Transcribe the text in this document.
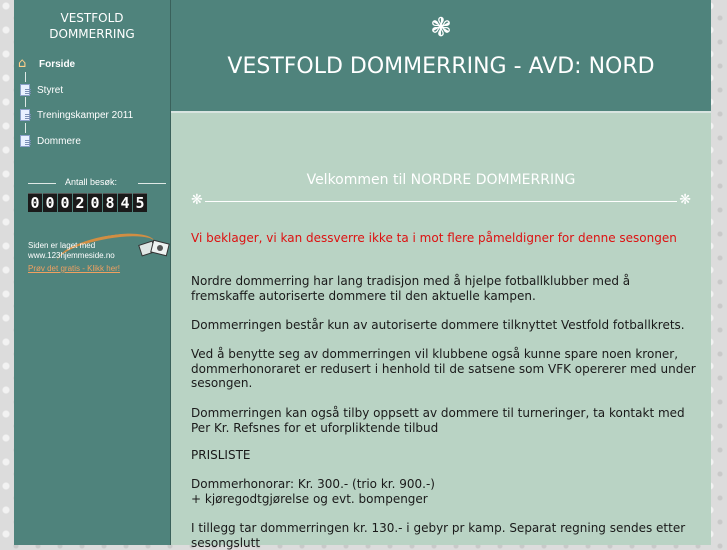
VESTFOLD
DOMMERRING
⌂	Forside
Styret
Treningskamper 2011
Dommere
Antall besøk:
0 0 0 2 0 8 4 5
Siden er laget med
www.123hjemmeside.no
Prøv det gratis - Klikk her!
❃
VESTFOLD DOMMERRING - AVD: NORD
Velkommen til NORDRE DOMMERRING
❋	❋
Vi beklager, vi kan dessverre ikke ta i mot flere påmeldigner for denne sesongen
Nordre dommerring har lang tradisjon med å hjelpe fotballklubber med å fremskaffe autoriserte dommere til den aktuelle kampen.
Dommerringen består kun av autoriserte dommere tilknyttet Vestfold fotballkrets.
Ved å benytte seg av dommerringen vil klubbene også kunne spare noen kroner, dommerhonoraret er redusert i henhold til de satsene som VFK opererer med under sesongen.
Dommerringen kan også tilby oppsett av dommere til turneringer, ta kontakt med Per Kr. Refsnes for et uforpliktende tilbud
PRISLISTE
Dommerhonorar: Kr. 300.- (trio kr. 900.-)
+ kjøregodtgjørelse og evt. bompenger
I tillegg tar dommerringen kr. 130.- i gebyr pr kamp. Separat regning sendes etter sesongslutt
